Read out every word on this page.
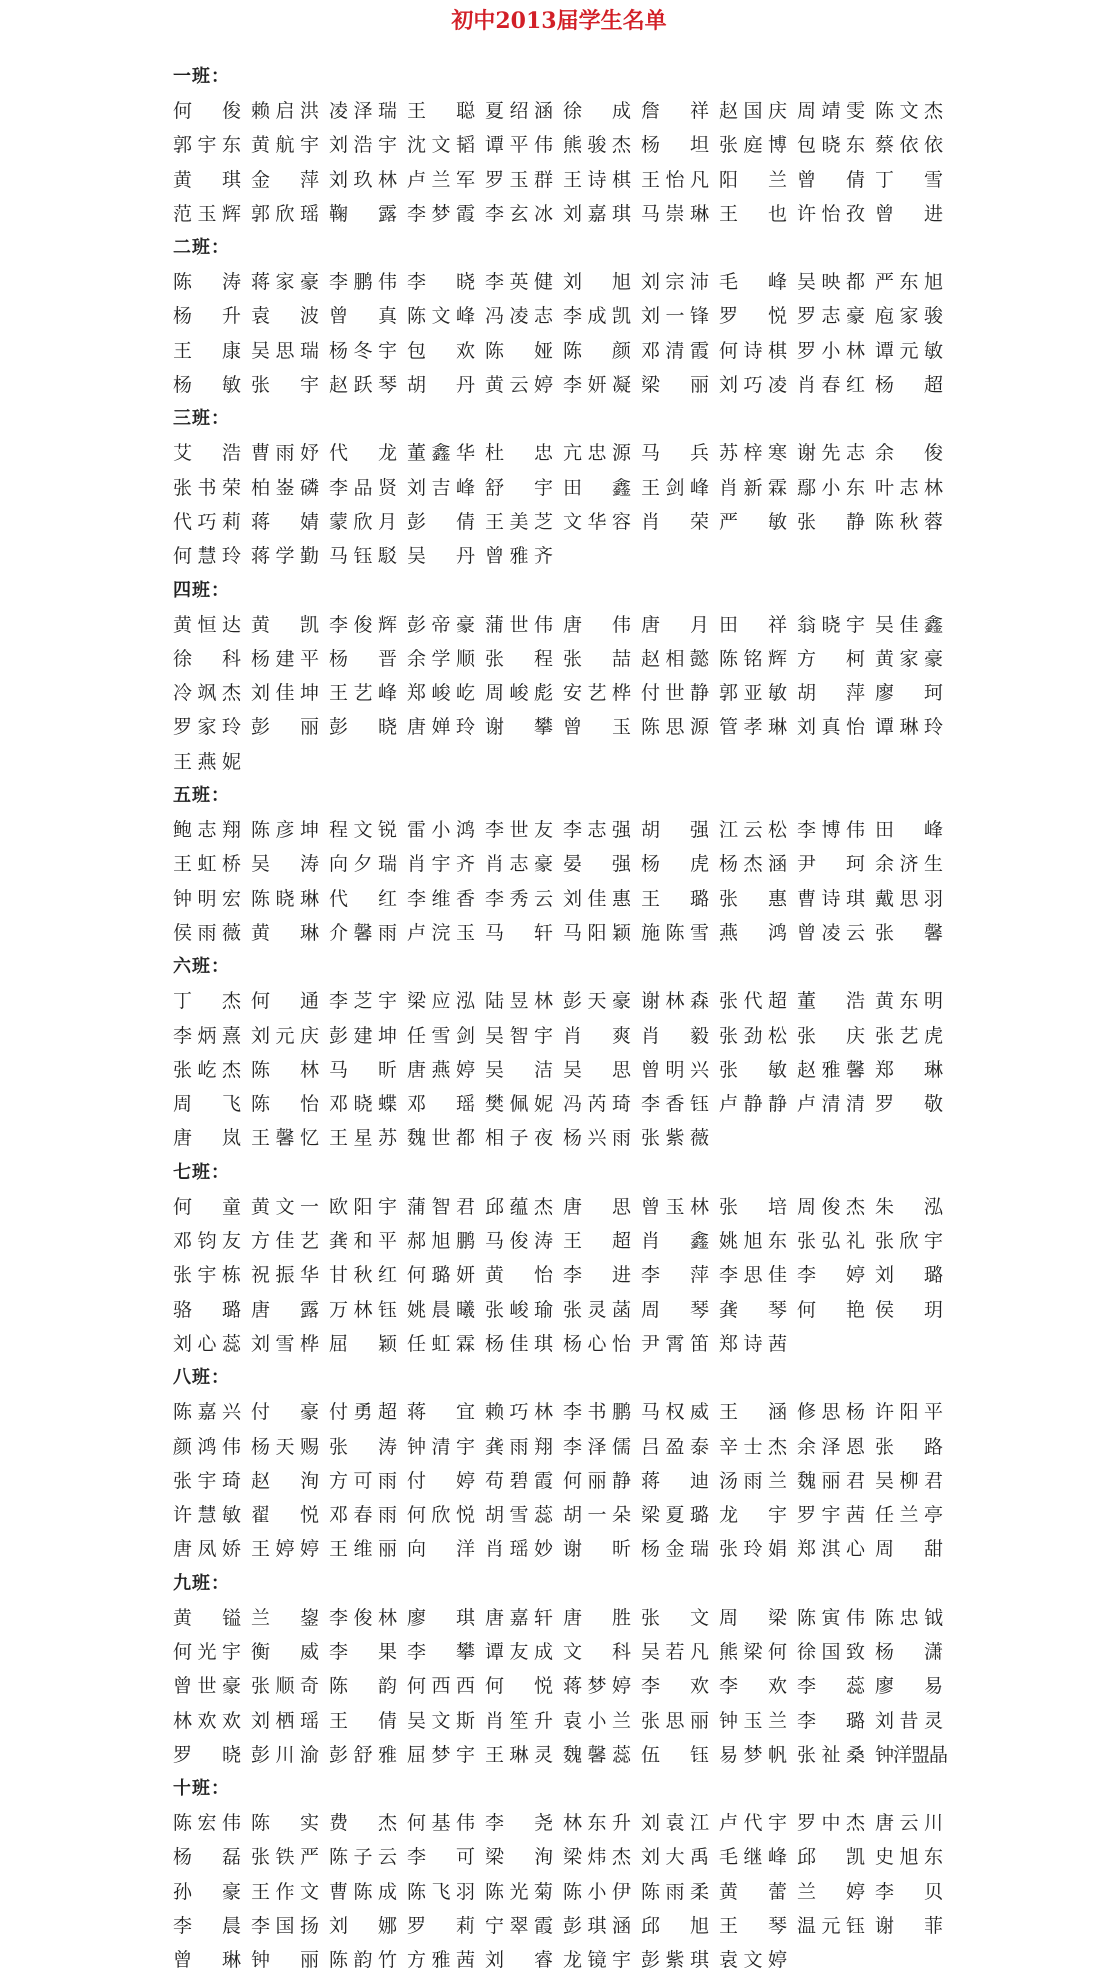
初中2013届学生名单
一班：
何　俊 赖启洪 凌泽瑞 王　聪 夏绍涵 徐　成 詹　祥 赵国庆 周靖雯 陈文杰
郭宇东 黄航宇 刘浩宇 沈文韬 谭平伟 熊骏杰 杨　坦 张庭博 包晓东 蔡依依
黄　琪 金　萍 刘玖林 卢兰军 罗玉群 王诗棋 王怡凡 阳　兰 曾　倩 丁　雪
范玉辉 郭欣瑶 鞠　露 李梦霞 李玄冰 刘嘉琪 马崇琳 王　也 许怡孜 曾　进
二班：
陈　涛 蒋家豪 李鹏伟 李　晓 李英健 刘　旭 刘宗沛 毛　峰 吴映都 严东旭
杨　升 袁　波 曾　真 陈文峰 冯凌志 李成凯 刘一锋 罗　悦 罗志豪 庖家骏
王　康 吴思瑞 杨冬宇 包　欢 陈　娅 陈　颜 邓清霞 何诗棋 罗小林 谭元敏
杨　敏 张　宇 赵跃琴 胡　丹 黄云婷 李妍凝 梁　丽 刘巧凌 肖春红 杨　超
三班：
艾　浩 曹雨妤 代　龙 董鑫华 杜　忠 亢忠源 马　兵 苏梓寒 谢先志 余　俊
张书荣 柏崟磷 李品贤 刘吉峰 舒　宇 田　鑫 王剑峰 肖新霖 鄢小东 叶志林
代巧莉 蒋　婧 蒙欣月 彭　倩 王美芝 文华容 肖　荣 严　敏 张　静 陈秋蓉
何慧玲 蒋学勤 马钰駁 吴　丹 曾雅齐
四班：
黄恒达 黄　凯 李俊辉 彭帝豪 蒲世伟 唐　伟 唐　月 田　祥 翁晓宇 吴佳鑫
徐　科 杨建平 杨　晋 余学顺 张　程 张　喆 赵相懿 陈铭辉 方　柯 黄家豪
冷飒杰 刘佳坤 王艺峰 郑峻屹 周峻彪 安艺桦 付世静 郭亚敏 胡　萍 廖　珂
罗家玲 彭　丽 彭　晓 唐婵玲 谢　攀 曾　玉 陈思源 管孝琳 刘真怡 谭琳玲
王燕妮
五班：
鲍志翔 陈彦坤 程文锐 雷小鸿 李世友 李志强 胡　强 江云松 李博伟 田　峰
王虹桥 吴　涛 向夕瑞 肖宇齐 肖志豪 晏　强 杨　虎 杨杰涵 尹　珂 余济生
钟明宏 陈晓琳 代　红 李维香 李秀云 刘佳惠 王　璐 张　惠 曹诗琪 戴思羽
侯雨薇 黄　琳 介馨雨 卢浣玉 马　轩 马阳颖 施陈雪 燕　鸿 曾凌云 张　馨
六班：
丁　杰 何　通 李芝宇 梁应泓 陆昱林 彭天豪 谢林森 张代超 董　浩 黄东明
李炳熹 刘元庆 彭建坤 任雪剑 吴智宇 肖　爽 肖　毅 张劲松 张　庆 张艺虎
张屹杰 陈　林 马　昕 唐燕婷 吴　洁 吴　思 曾明兴 张　敏 赵雅馨 郑　琳
周　飞 陈　怡 邓晓蝶 邓　瑶 樊佩妮 冯芮琦 李香钰 卢静静 卢清清 罗　敬
唐　岚 王馨忆 王星苏 魏世都 相子夜 杨兴雨 张紫薇
七班：
何　童 黄文一 欧阳宇 蒲智君 邱蕴杰 唐　思 曾玉林 张　培 周俊杰 朱　泓
邓钧友 方佳艺 龚和平 郝旭鹏 马俊涛 王　超 肖　鑫 姚旭东 张弘礼 张欣宇
张宇栋 祝振华 甘秋红 何璐妍 黄　怡 李　进 李　萍 李思佳 李　婷 刘　璐
骆　璐 唐　露 万林钰 姚晨曦 张峻瑜 张灵菡 周　琴 龚　琴 何　艳 侯　玥
刘心蕊 刘雪桦 屈　颖 任虹霖 杨佳琪 杨心怡 尹霄笛 郑诗茜
八班：
陈嘉兴 付　豪 付勇超 蒋　宜 赖巧林 李书鹏 马权威 王　涵 修思杨 许阳平
颜鸿伟 杨天赐 张　涛 钟清宇 龚雨翔 李泽儒 吕盈泰 辛士杰 余泽恩 张　路
张宇琦 赵　洵 方可雨 付　婷 苟碧霞 何丽静 蒋　迪 汤雨兰 魏丽君 吴柳君
许慧敏 翟　悦 邓春雨 何欣悦 胡雪蕊 胡一朵 梁夏璐 龙　宇 罗宇茜 任兰亭
唐凤娇 王婷婷 王维丽 向　洋 肖瑶妙 谢　昕 杨金瑞 张玲娟 郑淇心 周　甜
九班：
黄　镒 兰　鋆 李俊林 廖　琪 唐嘉轩 唐　胜 张　文 周　梁 陈寅伟 陈忠钺
何光宇 衡　威 李　果 李　攀 谭友成 文　科 吴若凡 熊梁何 徐国致 杨　潇
曾世豪 张顺奇 陈　韵 何西西 何　悦 蒋梦婷 李　欢 李　欢 李　蕊 廖　易
林欢欢 刘栖瑶 王　倩 吴文斯 肖笙升 袁小兰 张思丽 钟玉兰 李　璐 刘昔灵
罗　晓 彭川渝 彭舒雅 屈梦宇 王琳灵 魏馨蕊 伍　钰 易梦帆 张祉桑 钟洋盟晶
十班：
陈宏伟 陈　实 费　杰 何基伟 李　尧 林东升 刘袁江 卢代宇 罗中杰 唐云川
杨　磊 张铁严 陈子云 李　可 梁　洵 梁炜杰 刘大禹 毛继峰 邱　凯 史旭东
孙　豪 王作文 曹陈成 陈飞羽 陈光菊 陈小伊 陈雨柔 黄　蕾 兰　婷 李　贝
李　晨 李国扬 刘　娜 罗　莉 宁翠霞 彭琪涵 邱　旭 王　琴 温元钰 谢　菲
曾　琳 钟　丽 陈韵竹 方雅茜 刘　睿 龙镜宇 彭紫琪 袁文婷
